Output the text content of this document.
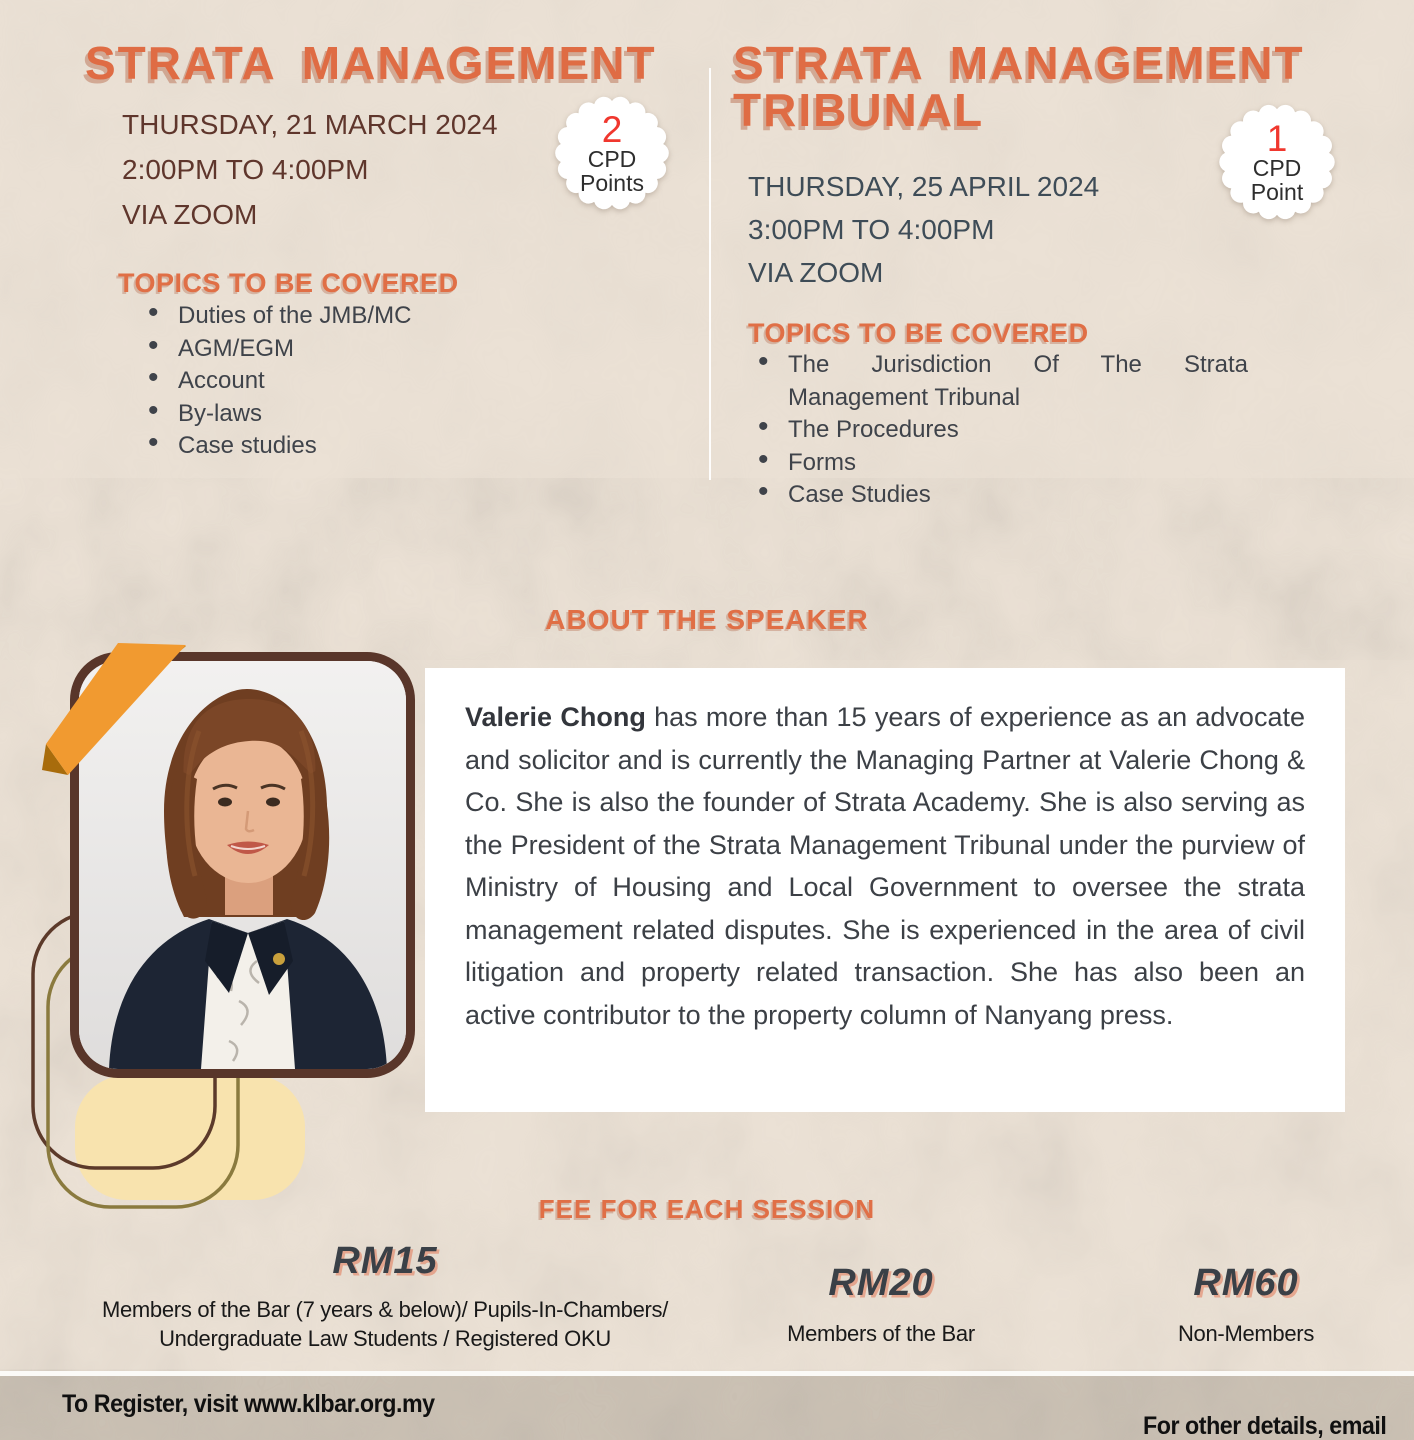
STRATA MANAGEMENT
THURSDAY, 21 MARCH 2024
2:00PM TO 4:00PM
VIA ZOOM
2
CPD
Points
TOPICS TO BE COVERED
• Duties of the JMB/MC
• AGM/EGM
• Account
• By-laws
• Case studies
STRATA MANAGEMENT TRIBUNAL
THURSDAY, 25 APRIL 2024
3:00PM TO 4:00PM
VIA ZOOM
1
CPD
Point
TOPICS TO BE COVERED
• The Jurisdiction Of The Strata Management Tribunal
• The Procedures
• Forms
• Case Studies
ABOUT THE SPEAKER
Valerie Chong has more than 15 years of experience as an advocate and solicitor and is currently the Managing Partner at Valerie Chong & Co. She is also the founder of Strata Academy. She is also serving as the President of the Strata Management Tribunal under the purview of Ministry of Housing and Local Government to oversee the strata management related disputes. She is experienced in the area of civil litigation and property related transaction. She has also been an active contributor to the property column of Nanyang press.
FEE FOR EACH SESSION
RM15
Members of the Bar (7 years & below)/ Pupils-In-Chambers/
Undergraduate Law Students / Registered OKU
RM20
Members of the Bar
RM60
Non-Members
To Register, visit www.klbar.org.my
For other details, email
